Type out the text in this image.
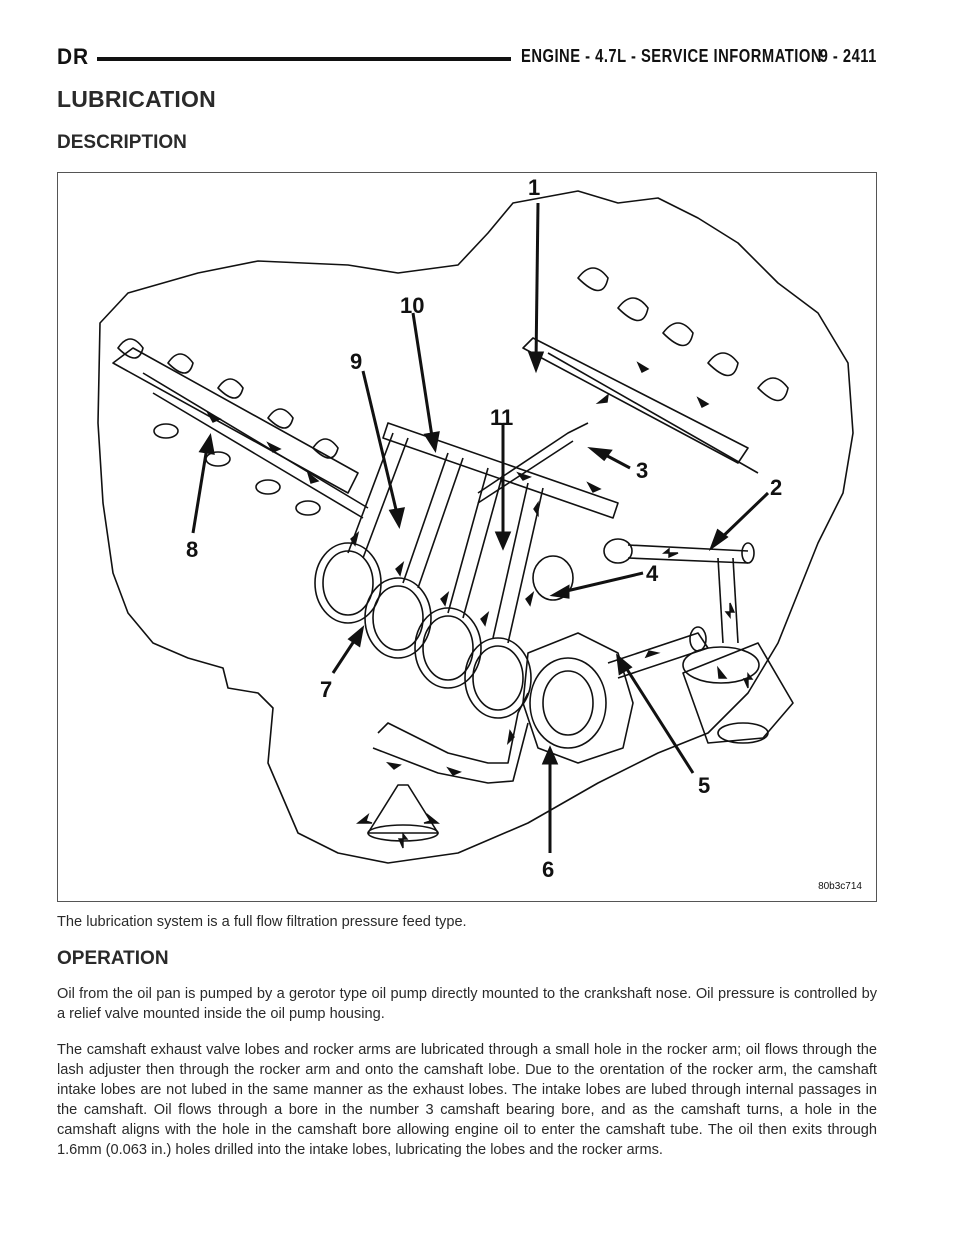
DR	ENGINE - 4.7L - SERVICE INFORMATION
9 - 2411
LUBRICATION
DESCRIPTION
1
2
3
4
5
6
7
8
9
10
11
80b3c714
The lubrication system is a full flow filtration pressure feed type.
OPERATION
Oil from the oil pan is pumped by a gerotor type oil pump directly mounted to the crankshaft nose. Oil pressure is controlled by a relief valve mounted inside the oil pump housing.
The camshaft exhaust valve lobes and rocker arms are lubricated through a small hole in the rocker arm; oil flows through the lash adjuster then through the rocker arm and onto the camshaft lobe. Due to the orentation of the rocker arm, the camshaft intake lobes are not lubed in the same manner as the exhaust lobes. The intake lobes are lubed through internal passages in the camshaft. Oil flows through a bore in the number 3 camshaft bearing bore, and as the camshaft turns, a hole in the camshaft aligns with the hole in the camshaft bore allowing engine oil to enter the camshaft tube. The oil then exits through 1.6mm (0.063 in.) holes drilled into the intake lobes, lubricating the lobes and the rocker arms.
